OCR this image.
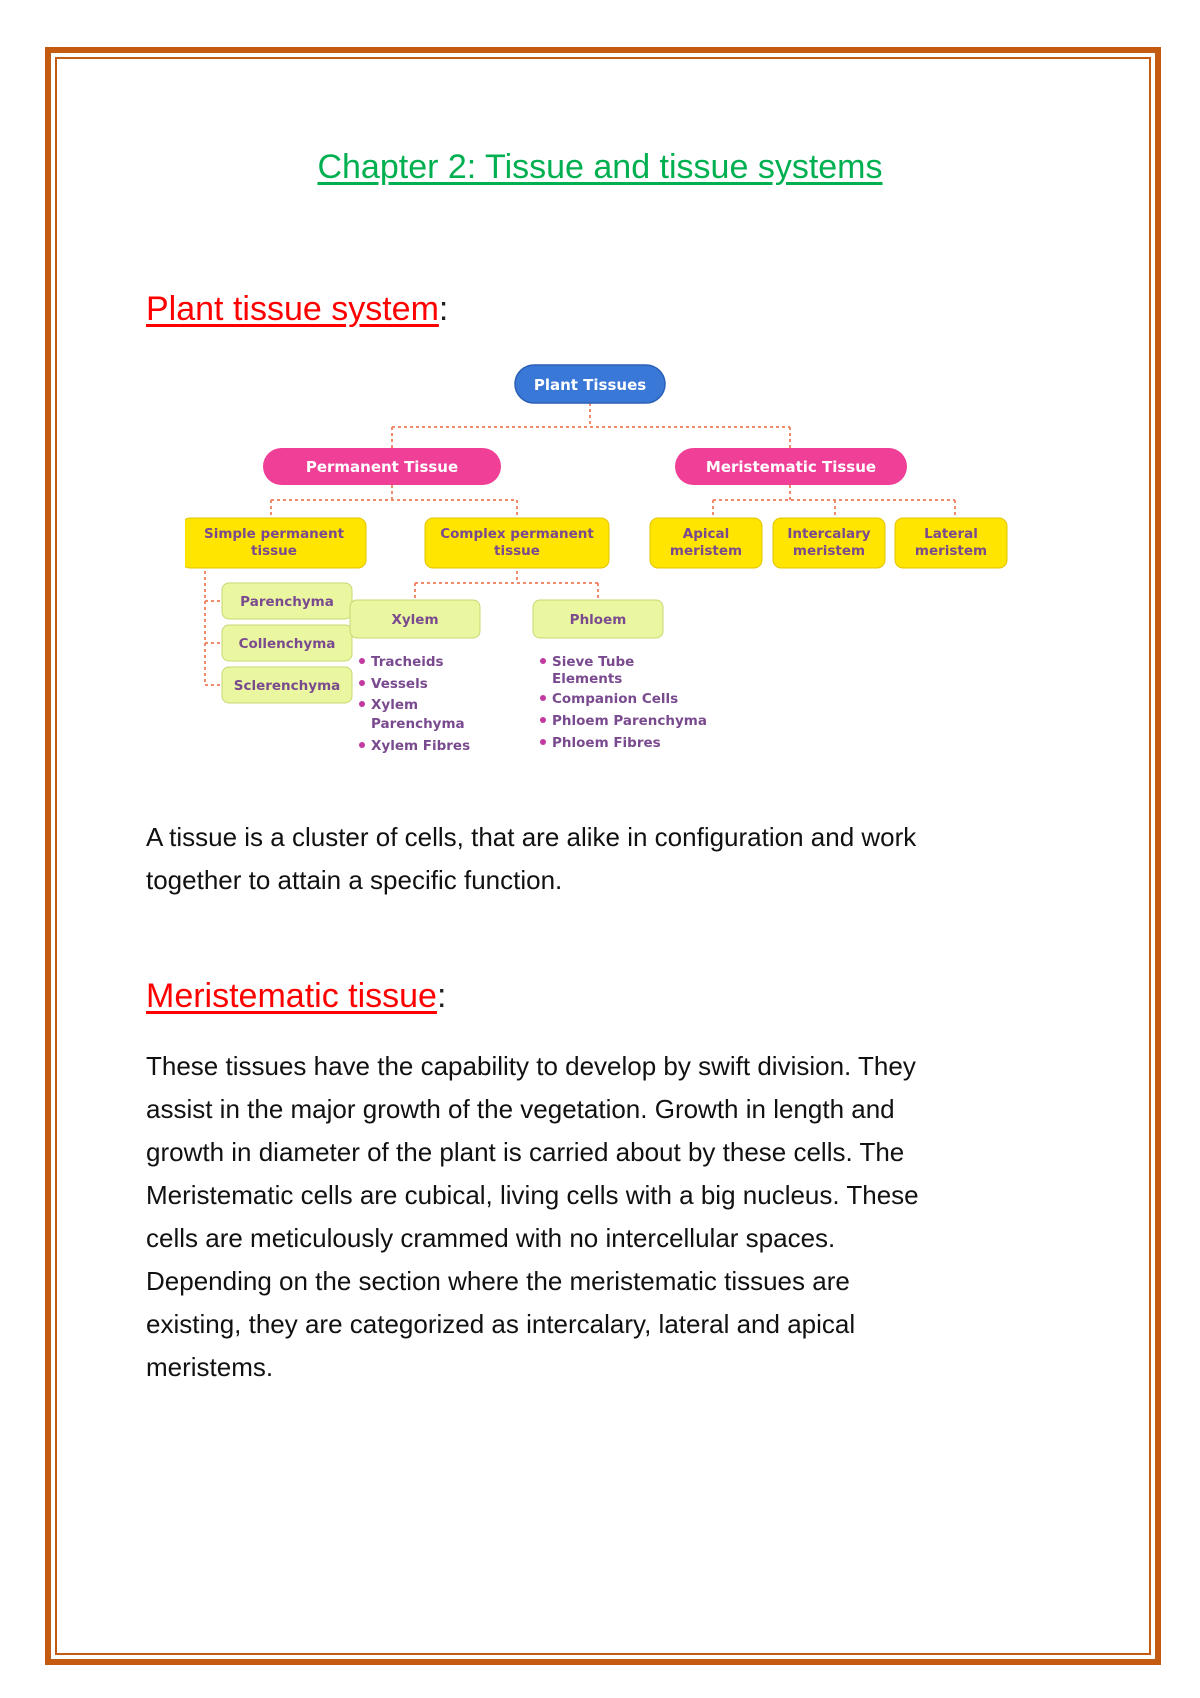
Chapter 2: Tissue and tissue systems
Plant tissue system:
Plant Tissues
Permanent Tissue	Meristematic Tissue
Simple permanent
tissue
Complex permanent
tissue
Apical
meristem
Intercalary
meristem
Lateral
meristem
Parenchyma
Collenchyma
Sclerenchyma
Xylem	Phloem
Tracheids
Vessels
Xylem
Parenchyma
Xylem Fibres
Sieve Tube
Elements
Companion Cells
Phloem Parenchyma
Phloem Fibres
A tissue is a cluster of cells, that are alike in configuration and work
together to attain a specific function.
Meristematic tissue:
These tissues have the capability to develop by swift division. They
assist in the major growth of the vegetation. Growth in length and
growth in diameter of the plant is carried about by these cells. The
Meristematic cells are cubical, living cells with a big nucleus. These
cells are meticulously crammed with no intercellular spaces.
Depending on the section where the meristematic tissues are
existing, they are categorized as intercalary, lateral and apical
meristems.
